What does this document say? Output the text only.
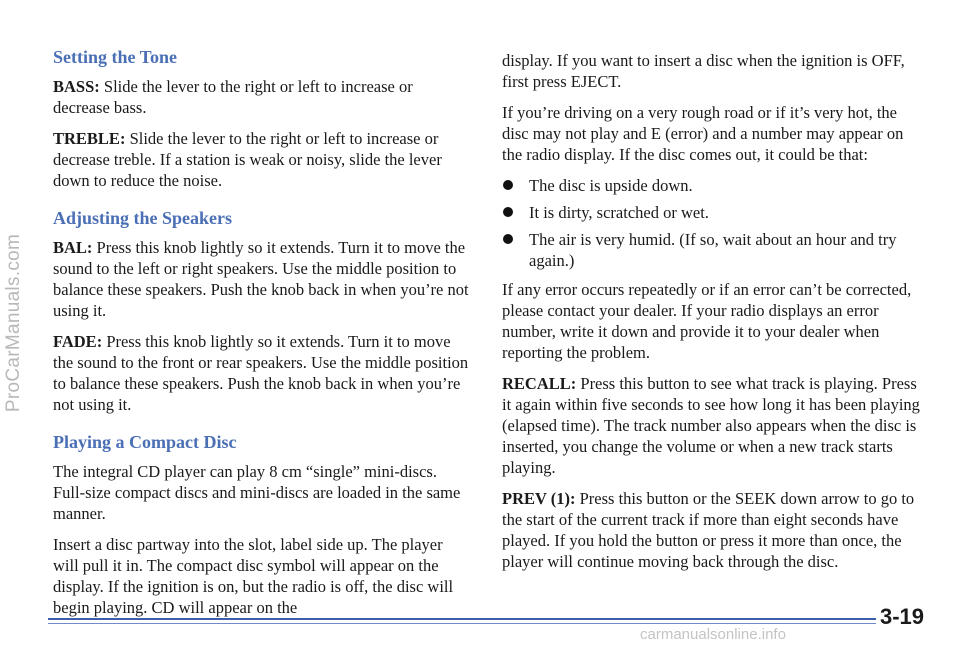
ProCarManuals.com
Setting the Tone

BASS: Slide the lever to the right or left to increase or decrease bass.

TREBLE: Slide the lever to the right or left to increase or decrease treble. If a station is weak or noisy, slide the lever down to reduce the noise.

Adjusting the Speakers

BAL: Press this knob lightly so it extends. Turn it to move the sound to the left or right speakers. Use the middle position to balance these speakers. Push the knob back in when you’re not using it.

FADE: Press this knob lightly so it extends. Turn it to move the sound to the front or rear speakers. Use the middle position to balance these speakers. Push the knob back in when you’re not using it.

Playing a Compact Disc

The integral CD player can play 8 cm “single” mini-discs. Full-size compact discs and mini-discs are loaded in the same manner.

Insert a disc partway into the slot, label side up. The player will pull it in. The compact disc symbol will appear on the display. If the ignition is on, but the radio is off, the disc will begin playing. CD will appear on the

display. If you want to insert a disc when the ignition is OFF, first press EJECT.

If you’re driving on a very rough road or if it’s very hot, the disc may not play and E (error) and a number may appear on the radio display. If the disc comes out, it could be that:

The disc is upside down.
It is dirty, scratched or wet.
The air is very humid. (If so, wait about an hour and try again.)

If any error occurs repeatedly or if an error can’t be corrected, please contact your dealer. If your radio displays an error number, write it down and provide it to your dealer when reporting the problem.

RECALL: Press this button to see what track is playing. Press it again within five seconds to see how long it has been playing (elapsed time). The track number also appears when the disc is inserted, you change the volume or when a new track starts playing.

PREV (1): Press this button or the SEEK down arrow to go to the start of the current track if more than eight seconds have played. If you hold the button or press it more than once, the player will continue moving back through the disc.

3-19
carmanualsonline.info
